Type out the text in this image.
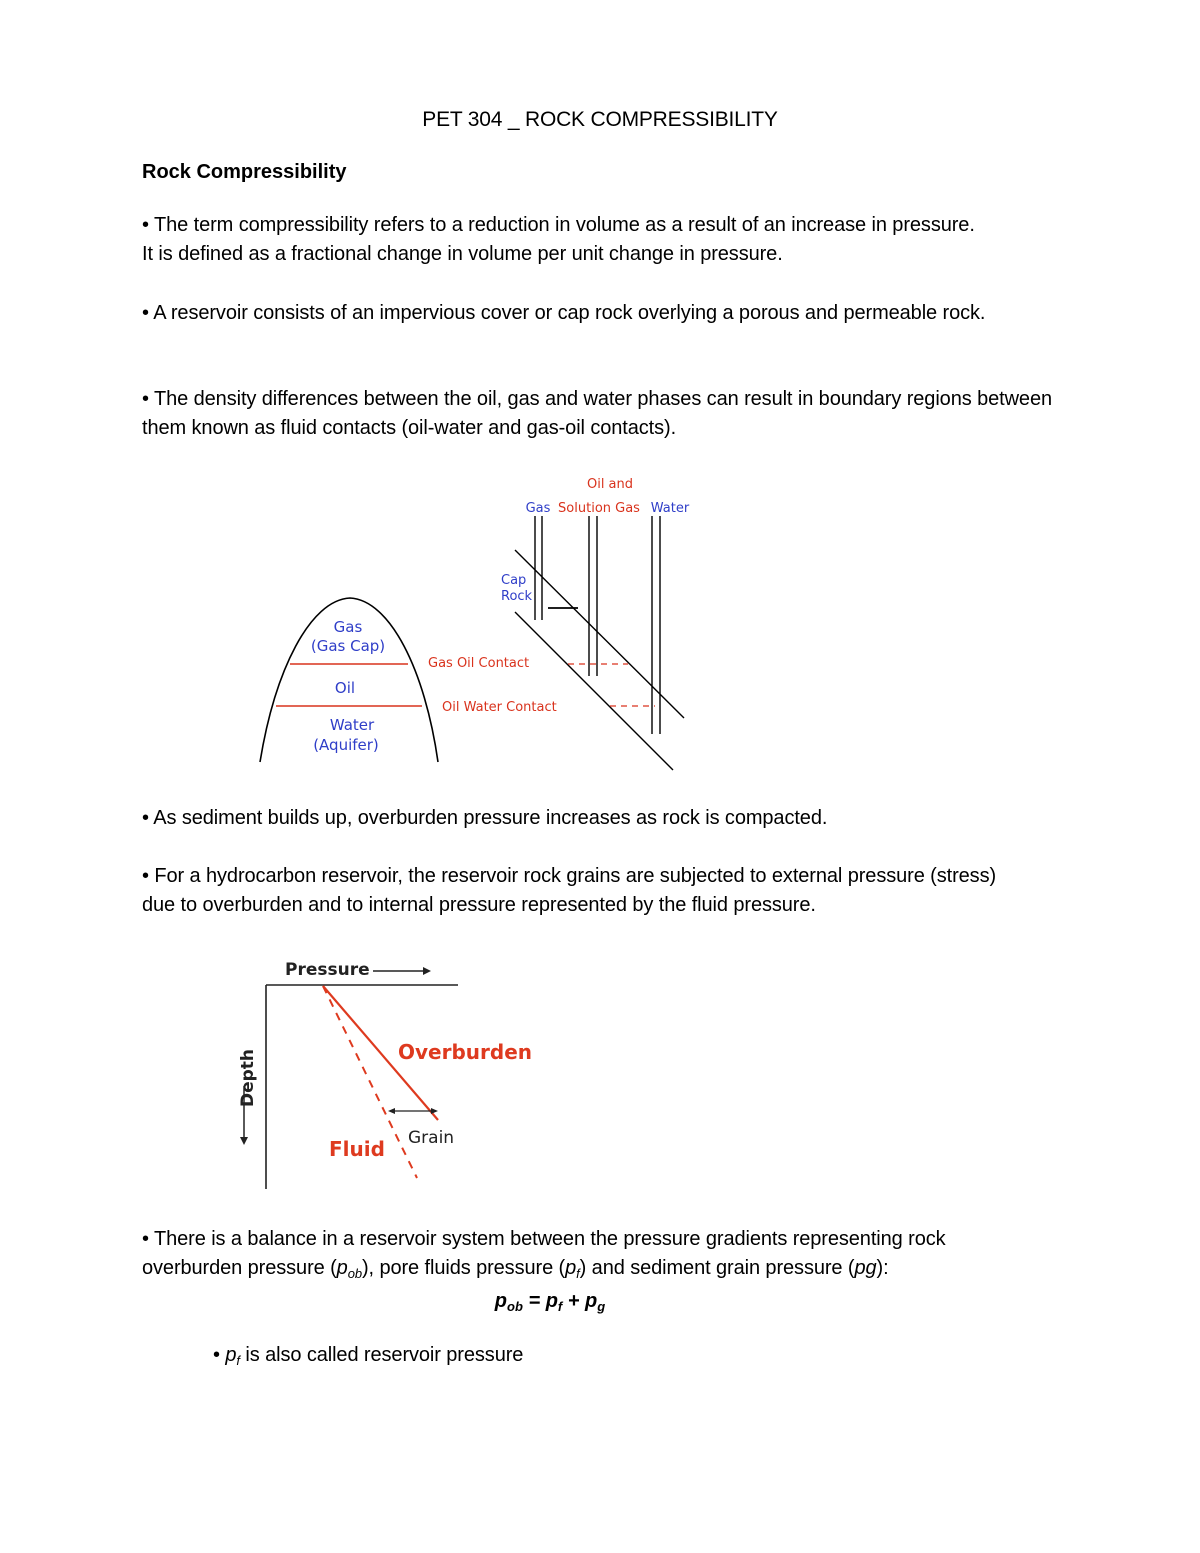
PET 304 _ ROCK COMPRESSIBILITY
Rock Compressibility
• The term compressibility refers to a reduction in volume as a result of an increase in pressure.
It is defined as a fractional change in volume per unit change in pressure.
• A reservoir consists of an impervious cover or cap rock overlying a porous and permeable rock.
• The density differences between the oil, gas and water phases can result in boundary regions between them known as fluid contacts (oil-water and gas-oil contacts).
Gas
(Gas Cap)
Oil
Water
(Aquifer)
Gas Oil Contact
Oil Water Contact
Oil and
Solution Gas
Gas	Water
Cap
Rock
• As sediment builds up, overburden pressure increases as rock is compacted.
• For a hydrocarbon reservoir, the reservoir rock grains are subjected to external pressure (stress) due to overburden and to internal pressure represented by the fluid pressure.
Pressure
Depth	Overburden
Fluid Grain
• There is a balance in a reservoir system between the pressure gradients representing rock overburden pressure $(p_{ob})$, pore fluids pressure $(p_f)$ and sediment grain pressure (pg):
$p_{ob} = p_f + p_g$
• $p_f$ is also called reservoir pressure
